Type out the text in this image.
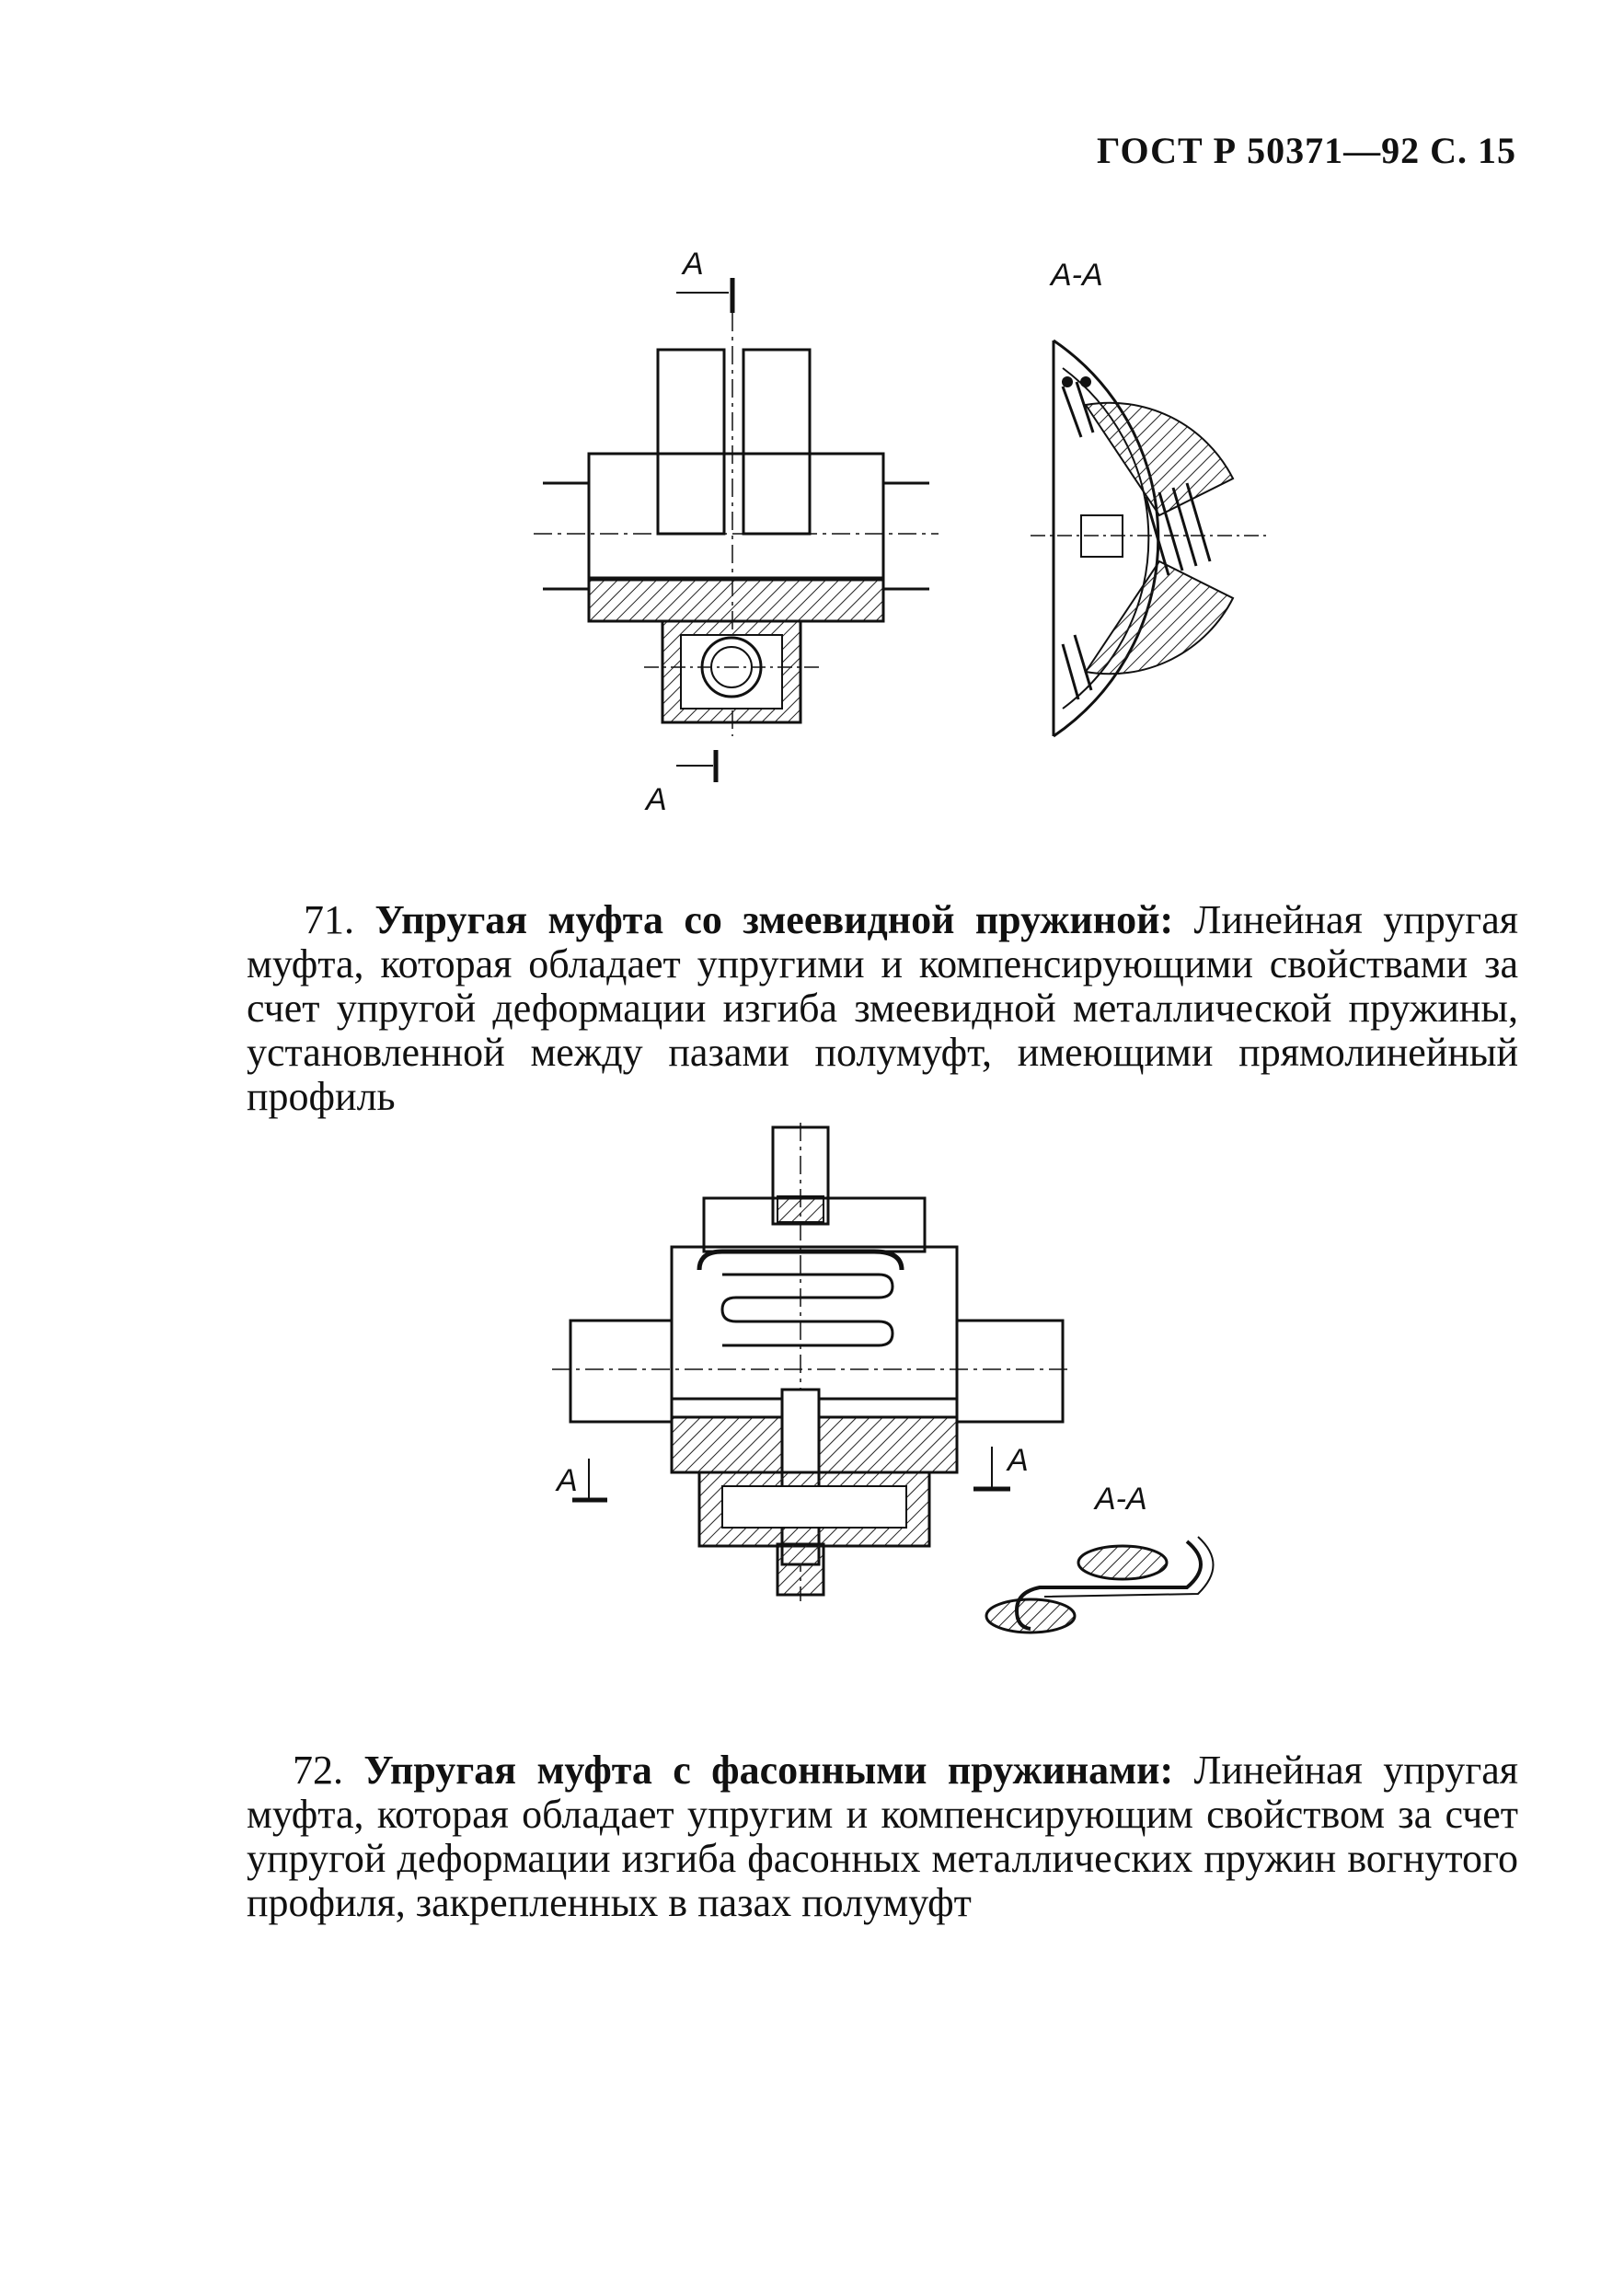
ГОСТ Р 50371—92 С. 15
А
А
А-А
71. Упругая муфта со змеевидной пружиной: Линейная упругая муфта, которая обладает упругими и компенсирующими свойствами за счет упругой деформации изгиба змеевидной металлической пружины, установленной между пазами полумуфт, имеющими прямолинейный профиль
А
А
А-А
72. Упругая муфта с фасонными пружинами: Линейная упругая муфта, которая обладает упругим и компенсирующим свойством за счет упругой деформации изгиба фасонных металлических пружин вогнутого профиля, закрепленных в пазах полумуфт
